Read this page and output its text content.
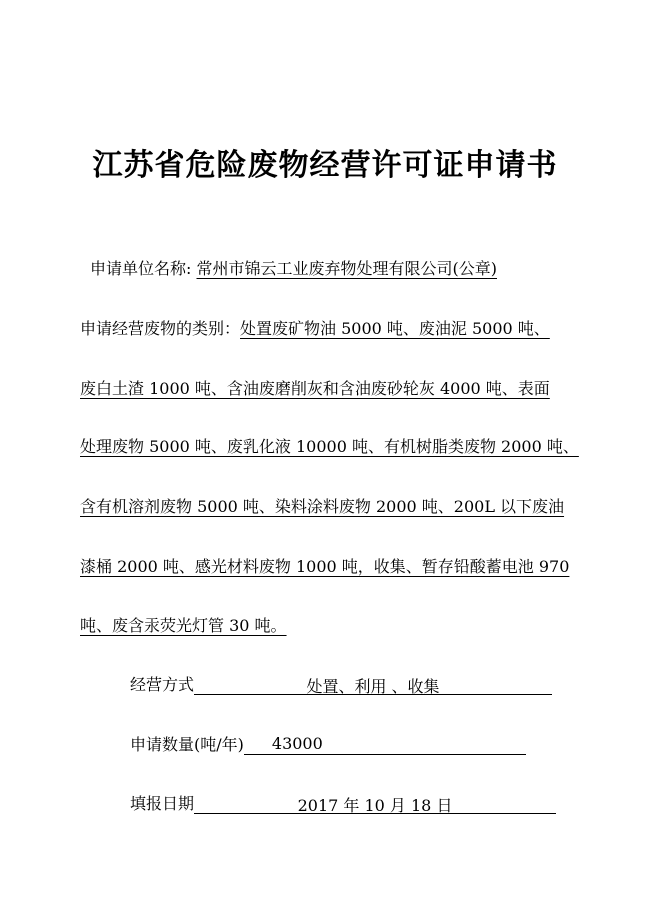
江苏省危险废物经营许可证申请书
申请单位名称: 常州市锦云工业废弃物处理有限公司(公章)
申请经营废物的类别：处置废矿物油 5000 吨、废油泥 5000 吨、
废白土渣 1000 吨、含油废磨削灰和含油废砂轮灰 4000 吨、表面
处理废物 5000 吨、废乳化液 10000 吨、有机树脂类废物 2000 吨、
含有机溶剂废物 5000 吨、染料涂料废物 2000 吨、200L 以下废油
漆桶 2000 吨、感光材料废物 1000 吨，收集、暂存铅酸蓄电池 970
吨、废含汞荧光灯管 30 吨。
经营方式	处置、利用 、收集
申请数量(吨/年) 43000
填报日期	2017 年 10 月 18 日
